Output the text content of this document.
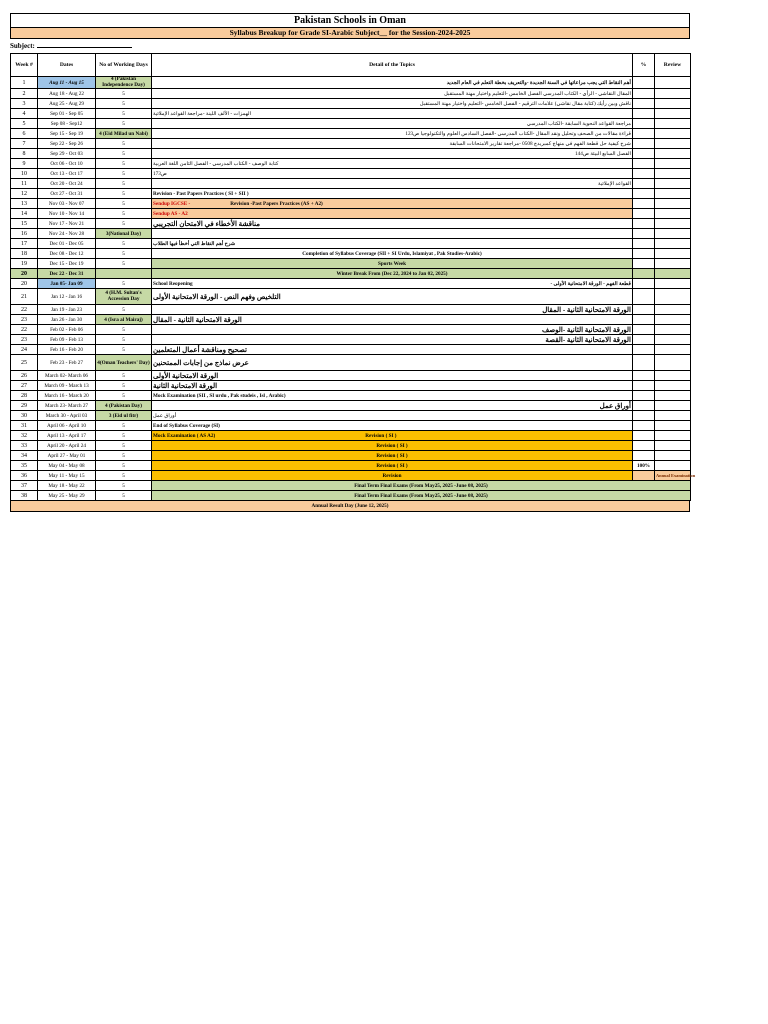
Pakistan Schools in Oman
Syllabus Breakup for Grade SI-Arabic Subject__ for the Session-2024-2025
Subject:
Week #	Dates	No of Working Days	Detail of the Topics	%	Review
1	Aug 11 - Aug 15	4 (Pakistan Independence Day)	أهم النقاط التي يجب مراعاتها في السنة الجديدة -والتعريف بخطة التعلم في العام الجديد		
2	Aug 18 - Aug 22	5	المقال النقاشي - الرأي - الكتاب المدرسي الفصل الخامس -التعليم واختيار مهنة المستقبل		
3	Aug 25 - Aug 29	5	ناقش وبين رأيك (كتابة مقال نقاشي) علامات الترقيم - الفصل الخامس -التعليم واختيار مهنة المستقبل		
4	Sep 01 - Sep 05	5	الهمزات - الألف اللينة -مراجعة القواعد الإملائية		
5	Sep 08 - Sep12	5	مراجعة القواعد النحوية السابقة -الكتاب المدرسي		
6	Sep 15 - Sep 19	4 (Eid Milad un Nabi)	قراءة مقالات من الصحف وتحليل ونقد المقال -الكتاب المدرسي -الفصل السادس العلوم والتكنولوجيا ص123		
7	Sep 22 - Sep 26	5	شرح كيفية حل قطعة الفهم في منهاج كمبريدج 0508 -مراجعة تقارير الامتحانات السابقة		
8	Sep 29 - Oct 03	5	الفصل السابع البيئة ص144		
9	Oct 06 - Oct 10	5	كتابة الوصف - الكتاب المدرسي - الفصل الثامن اللغة العربية		
10	Oct 13 - Oct 17	5	ص173		
11	Oct 20 - Oct 24	5	القواعد الإملائية		
12	Oct 27 - Oct 31	5	Revision - Past Papers Practices ( SI + SII )		
13	Nov 03 - Nov 07	5	Sendup IGCSE - Revision -Past Papers Practices (AS + A2)		
14	Nov 10 - Nov 14	5	Sendup AS - A2		
15	Nov 17 - Nov 21	5	مناقشة الأخطاء في الامتحان التجريبي		
16	Nov 24 - Nov 28	3(National Day)			
17	Dec 01 - Dec 05	5	شرح أهم النقاط التي أخطأ فيها الطلاب		
18	Dec 08 - Dec 12	5	Completion of Syllabus Coverage (SII + SI Urdu, Islamiyat , Pak Studies-Arabic)		
19	Dec 15 - Dec 19	5	Sports Week		
20	Dec 22 - Dec 31		Winter Break From (Dec 22, 2024 to Jan 02, 2025)		
20	Jan 05- Jan 09	5	School Reopening قطعة الفهم - الورقة الامتحانية الأولى -		

21	Jan 12 - Jan 16	4 (H.M. Sultan's Accession Day	التلخيص وفهم النص - الورقة الامتحانية الأولى		
22	Jan 19 - Jan 23	5	الورقة الامتحانية الثانية - المقال		
23	Jan 26 - Jan 30	4 (Isra al Mairaj)	الورقة الامتحانية الثانية - المقال		
22	Feb 02 - Feb 06	5	الورقة الامتحانية الثانية -الوصف		
23	Feb 09 - Feb 13	5	الورقة الامتحانية الثانية -القصة		
24	Feb 16 - Feb 20	5	تصحيح ومناقشة أعمال المتعلمين		
25	Feb 23 - Feb 27	4(Oman Teachers' Day)	عرض نماذج من إجابات الممتحنين		
26	March 02- March 06	5	الورقة الامتحانية الأولى		
27	March 09 - March 13	5	الورقة الامتحانية الثانية		
28	March 16 - March 20	5	Mock Examination (SII , SI urdu , Pak studeis , Isl , Arabic)		
29	March 23- March 27	4 (Pakistan Day)	أوراق عمل		
30	March 30 - April 03	3 (Eid ul fitr)	أوراق عمل		
31	April 06 - April 10	5	End of Syllabus Coverage (SI)		
32	April 13 - April 17	5	Mock Examination ( AS A2) Revision ( SI )		
33	April 20 - April 24	5	Revision ( SI )		
34	April 27 - May 01	5	Revision ( SI )		
35	May 04 - May 08	5	Revision ( SI )	100%	
36	May 11 - May 15	5	Revision		Annual Examination
37	May 18 - May 22	5	Final Term Final Exams (From May25, 2025 -June 08, 2025)		
38	May 25 - May 29	5	Final Term Final Exams (From May25, 2025 -June 08, 2025)		
Annual Result Day (June 12, 2025)
